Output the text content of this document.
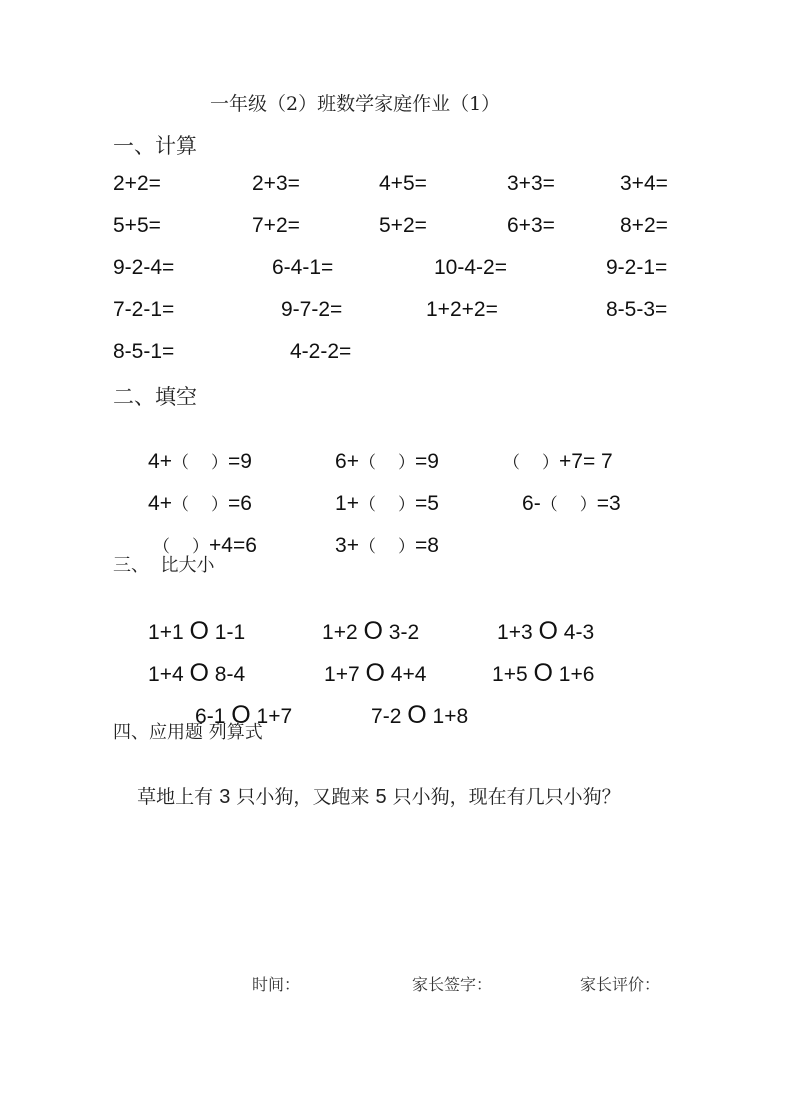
一年级（2）班数学家庭作业（1）
一、计算
2+2=	2+3=	4+5=	3+3=	3+4=
5+5=	7+2=	5+2=	6+3=	8+2=
9-2-4=	6-4-1=	10-4-2=	9-2-1=
7-2-1=	9-7-2=	1+2+2=	8-5-3=
8-5-1=	4-2-2=
二、填空

4+（ ）=9
	6+（ ）=9
	（ ）+7= 7

4+（ ）=6
	1+（ ）=5
	6-（ ）=3

（ ）+4=6
	3+（ ）=8

三、  比大小

1+1 O 1-1
	1+2 O 3-2
	1+3 O 4-3

1+4 O 8-4
	1+7 O 4+4
	1+5 O 1+6

6-1 O 1+7
	7-2 O 1+8

四、应用题 列算式

草地上有 3 只小狗，又跑来 5 只小狗，现在有几只小狗？

时间：	家长签字：	家长评价：
